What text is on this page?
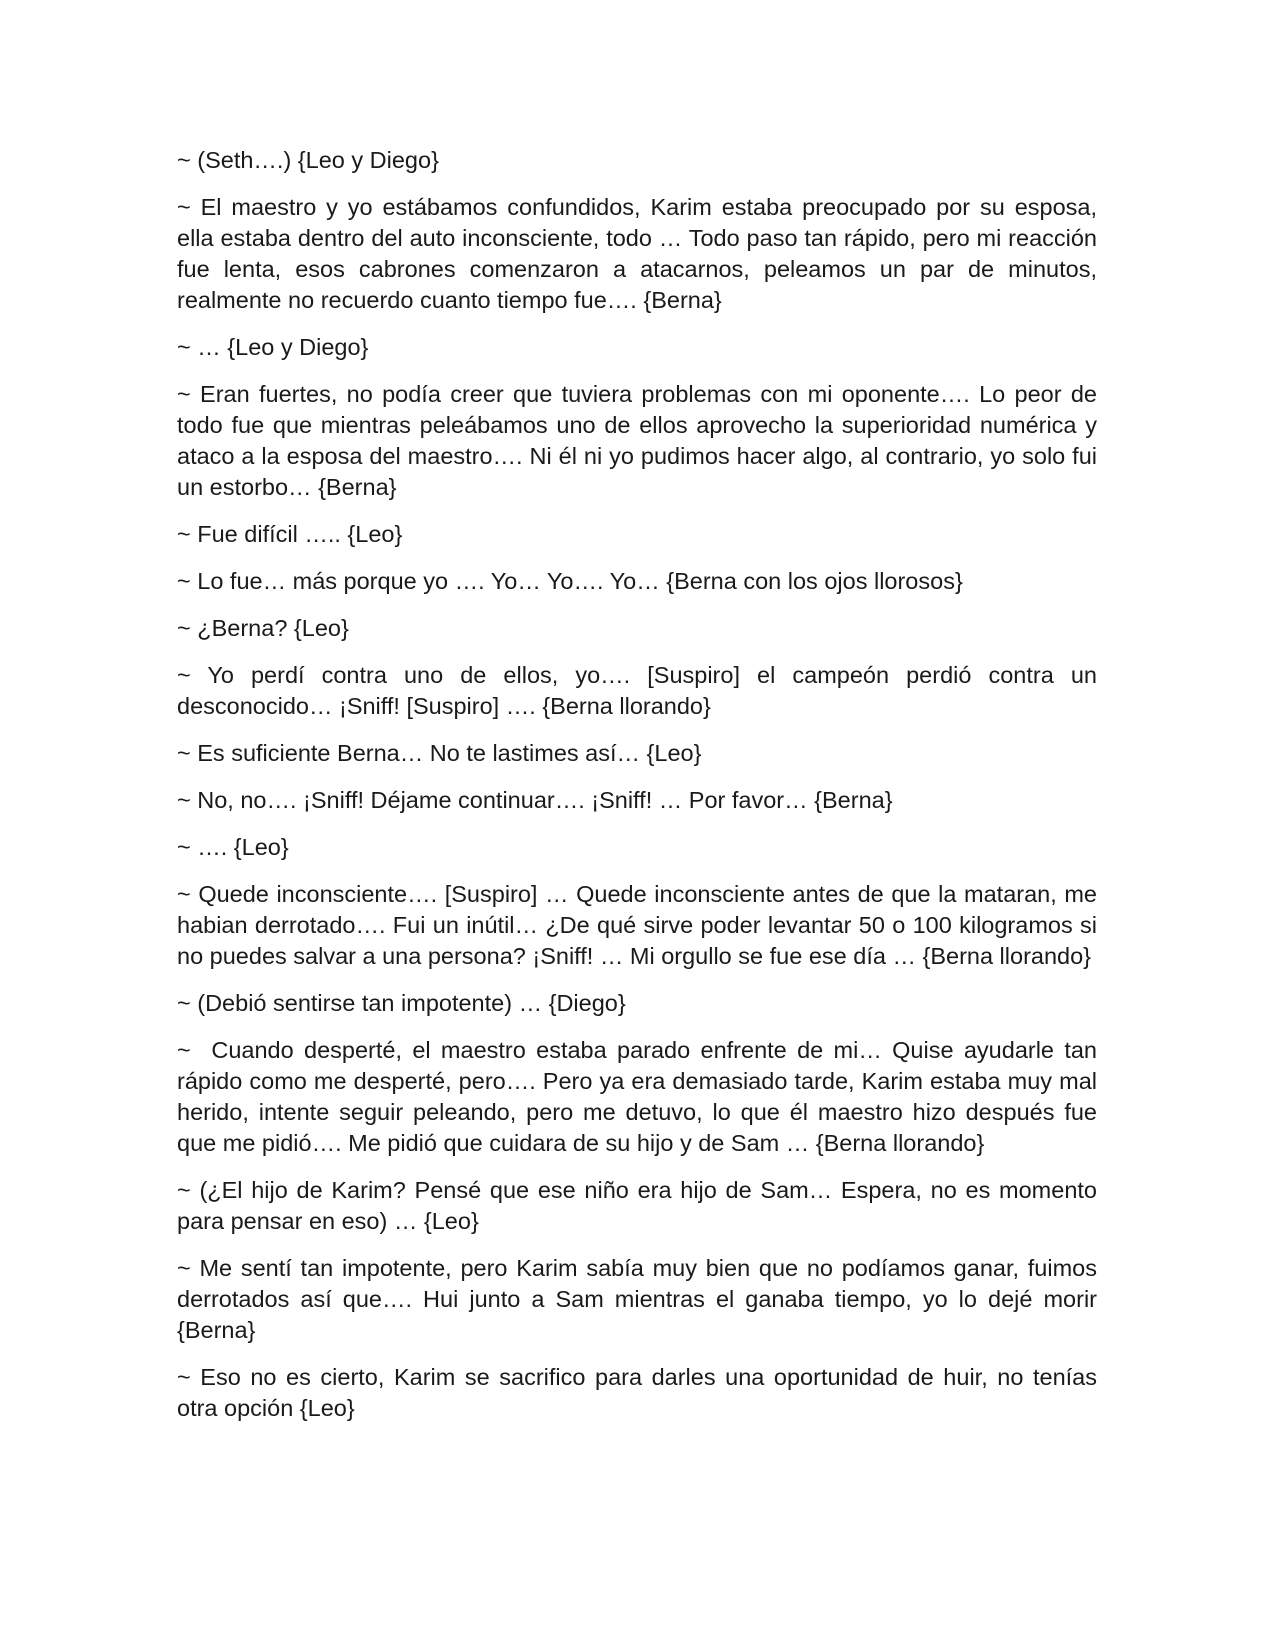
~ (Seth….) {Leo y Diego}

~ El maestro y yo estábamos confundidos, Karim estaba preocupado por su esposa, ella estaba dentro del auto inconsciente, todo … Todo paso tan rápido, pero mi reacción fue lenta, esos cabrones comenzaron a atacarnos, peleamos un par de minutos, realmente no recuerdo cuanto tiempo fue…. {Berna}

~ … {Leo y Diego}

~ Eran fuertes, no podía creer que tuviera problemas con mi oponente…. Lo peor de todo fue que mientras peleábamos uno de ellos aprovecho la superioridad numérica y ataco a la esposa del maestro…. Ni él ni yo pudimos hacer algo, al contrario, yo solo fui un estorbo… {Berna}

~ Fue difícil ….. {Leo}

~ Lo fue… más porque yo …. Yo… Yo…. Yo… {Berna con los ojos llorosos}

~ ¿Berna? {Leo}

~ Yo perdí contra uno de ellos, yo…. [Suspiro] el campeón perdió contra un desconocido… ¡Sniff! [Suspiro] …. {Berna llorando}

~ Es suficiente Berna… No te lastimes así… {Leo}

~ No, no…. ¡Sniff! Déjame continuar…. ¡Sniff! … Por favor… {Berna}

~ …. {Leo}

~ Quede inconsciente…. [Suspiro] … Quede inconsciente antes de que la mataran, me habian derrotado…. Fui un inútil… ¿De qué sirve poder levantar 50 o 100 kilogramos si no puedes salvar a una persona? ¡Sniff! … Mi orgullo se fue ese día … {Berna llorando}

~ (Debió sentirse tan impotente) … {Diego}

~  Cuando desperté, el maestro estaba parado enfrente de mi… Quise ayudarle tan rápido como me desperté, pero…. Pero ya era demasiado tarde, Karim estaba muy mal herido, intente seguir peleando, pero me detuvo, lo que él maestro hizo después fue que me pidió…. Me pidió que cuidara de su hijo y de Sam … {Berna llorando}

~ (¿El hijo de Karim? Pensé que ese niño era hijo de Sam… Espera, no es momento para pensar en eso) … {Leo}

~ Me sentí tan impotente, pero Karim sabía muy bien que no podíamos ganar, fuimos derrotados así que…. Hui junto a Sam mientras el ganaba tiempo, yo lo dejé morir {Berna}

~ Eso no es cierto, Karim se sacrifico para darles una oportunidad de huir, no tenías otra opción {Leo}
